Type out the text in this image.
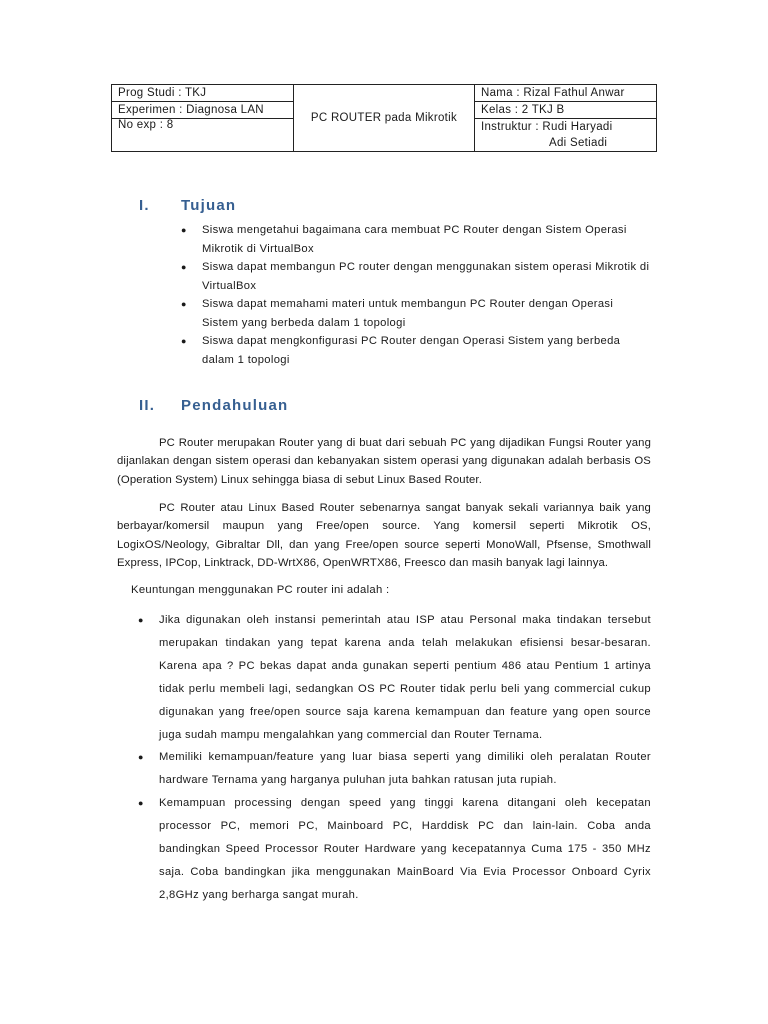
Prog Studi : TKJ	PC ROUTER pada Mikrotik	Nama : Rizal Fathul Anwar
Experimen : Diagnosa LAN		Kelas : 2 TKJ B
No exp : 8		Instruktur : Rudi Haryadi

		Adi Setiadi
I.	Tujuan
● Siswa mengetahui bagaimana cara membuat PC Router dengan Sistem Operasi Mikrotik di VirtualBox
● Siswa dapat membangun PC router dengan menggunakan sistem operasi Mikrotik di VirtualBox
● Siswa dapat memahami materi untuk membangun PC Router dengan Operasi Sistem yang berbeda dalam 1 topologi
● Siswa dapat mengkonfigurasi PC Router dengan Operasi Sistem yang berbeda dalam 1 topologi
II.	Pendahuluan

PC Router merupakan Router yang di buat dari sebuah PC yang dijadikan Fungsi Router yang dijanlakan dengan sistem operasi dan kebanyakan sistem operasi yang digunakan adalah berbasis OS (Operation System) Linux sehingga biasa di sebut Linux Based Router.

PC Router atau Linux Based Router sebenarnya sangat banyak sekali variannya baik yang berbayar/komersil maupun yang Free/open source. Yang komersil seperti Mikrotik OS, LogixOS/Neology, Gibraltar Dll, dan yang Free/open source seperti MonoWall, Pfsense, Smothwall Express, IPCop, Linktrack, DD-WrtX86, OpenWRTX86, Freesco dan masih banyak lagi lainnya.

Keuntungan menggunakan PC router ini adalah :

● Jika digunakan oleh instansi pemerintah atau ISP atau Personal maka tindakan tersebut merupakan tindakan yang tepat karena anda telah melakukan efisiensi besar-besaran. Karena apa ? PC bekas dapat anda gunakan seperti pentium 486 atau Pentium 1 artinya tidak perlu membeli lagi, sedangkan OS PC Router tidak perlu beli yang commercial cukup digunakan yang free/open source saja karena kemampuan dan feature yang open source juga sudah mampu mengalahkan yang commercial dan Router Ternama.
● Memiliki kemampuan/feature yang luar biasa seperti yang dimiliki oleh peralatan Router hardware Ternama yang harganya puluhan juta bahkan ratusan juta rupiah.
● Kemampuan processing dengan speed yang tinggi karena ditangani oleh kecepatan processor PC, memori PC, Mainboard PC, Harddisk PC dan lain-lain. Coba anda bandingkan Speed Processor Router Hardware yang kecepatannya Cuma 175 - 350 MHz saja. Coba bandingkan jika menggunakan MainBoard Via Evia Processor Onboard Cyrix 2,8GHz yang berharga sangat murah.
